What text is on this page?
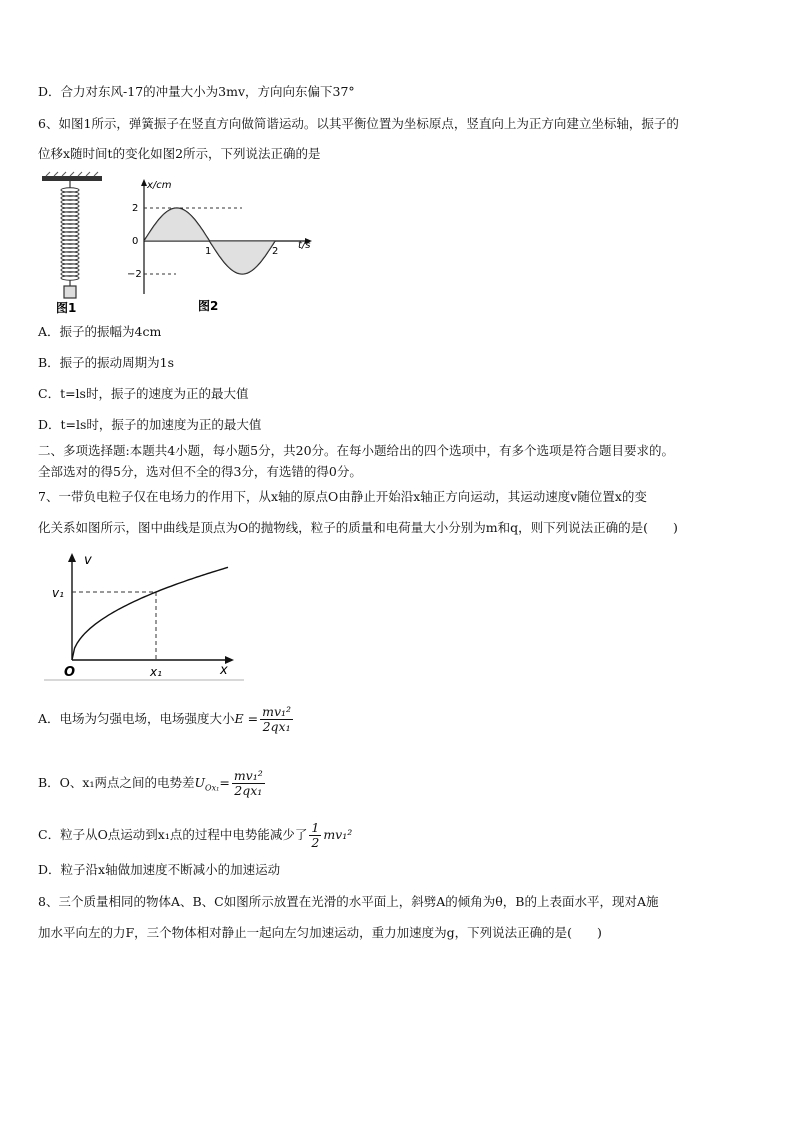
D．合力对东风-17的冲量大小为3mv，方向向东偏下37°
6、如图1所示，弹簧振子在竖直方向做简谐运动。以其平衡位置为坐标原点，竖直向上为正方向建立坐标轴，振子的
位移x随时间t的变化如图2所示，下列说法正确的是
图1
x/cm
t/s
2
0
−2
1	2
图2
A．振子的振幅为4cm
B．振子的振动周期为1s
C．t=ls时，振子的速度为正的最大值
D．t=ls时，振子的加速度为正的最大值
二、多项选择题:本题共4小题，每小题5分，共20分。在每小题给出的四个选项中，有多个选项是符合题目要求的。
全部选对的得5分，选对但不全的得3分，有选错的得0分。
7、一带负电粒子仅在电场力的作用下，从x轴的原点O由静止开始沿x轴正方向运动，其运动速度v随位置x的变
化关系如图所示，图中曲线是顶点为O的抛物线，粒子的质量和电荷量大小分别为m和q，则下列说法正确的是(　　)
v
x
O
v₁
x₁
A．电场为匀强电场，电场强度大小$E = \frac{\text{mv₁²}}{\text{2qx₁}}$
B．O、x₁两点之间的电势差$U_{Ox_1}= \frac{\text{mv₁²}}{\text{2qx₁}}$
C．粒子从O点运动到x₁点的过程中电势能减少了 $\frac{1}{2} mv_1^2$
D．粒子沿x轴做加速度不断减小的加速运动
8、三个质量相同的物体A、B、C如图所示放置在光滑的水平面上，斜劈A的倾角为θ，B的上表面水平，现对A施
加水平向左的力F，三个物体相对静止一起向左匀加速运动，重力加速度为g，下列说法正确的是(　　)
